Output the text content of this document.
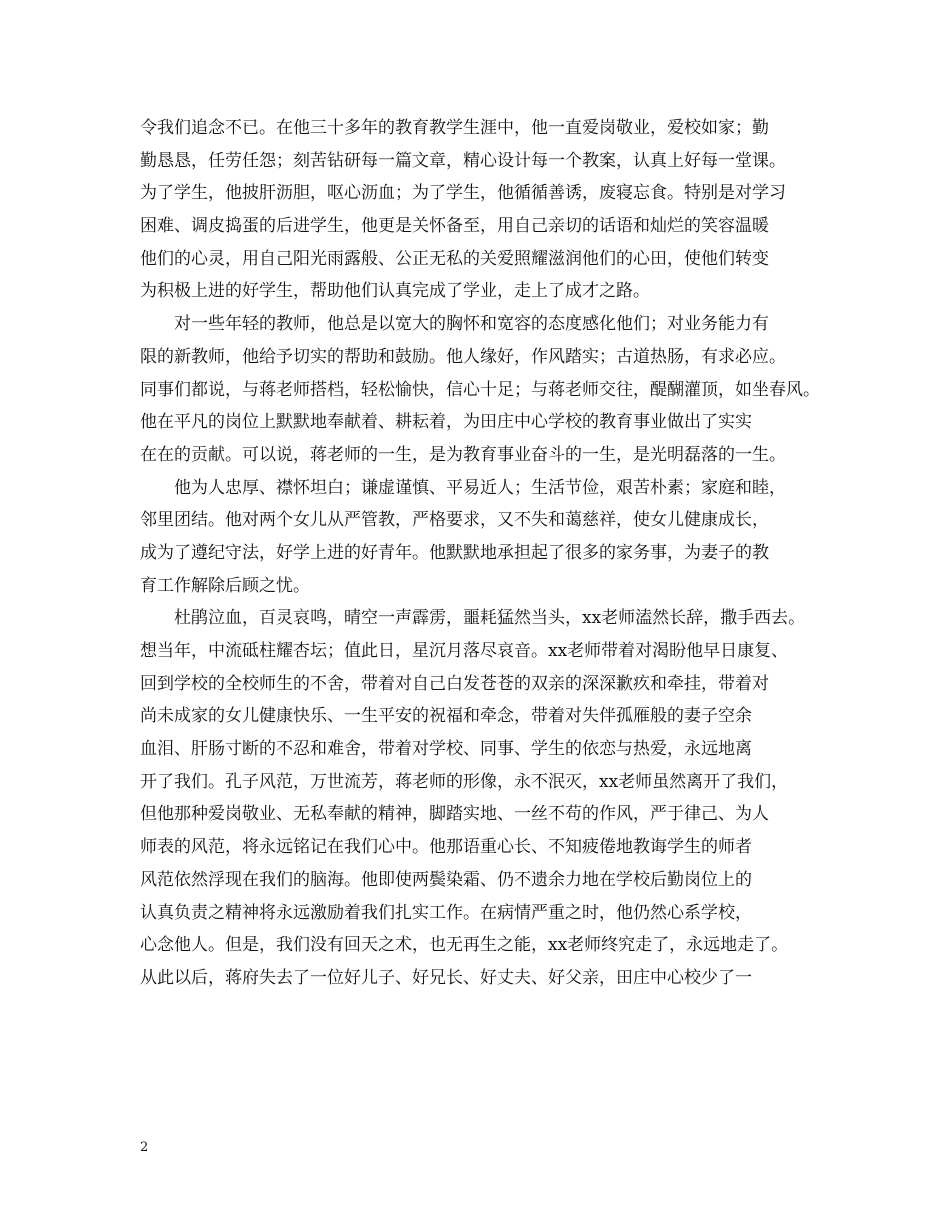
令我们追念不已。在他三十多年的教育教学生涯中，他一直爱岗敬业，爱校如家；勤
勤恳恳，任劳任怨；刻苦钻研每一篇文章，精心设计每一个教案，认真上好每一堂课。
为了学生，他披肝沥胆，呕心沥血；为了学生，他循循善诱，废寝忘食。特别是对学习
困难、调皮捣蛋的后进学生，他更是关怀备至，用自己亲切的话语和灿烂的笑容温暖
他们的心灵，用自己阳光雨露般、公正无私的关爱照耀滋润他们的心田，使他们转变
为积极上进的好学生，帮助他们认真完成了学业，走上了成才之路。
对一些年轻的教师，他总是以宽大的胸怀和宽容的态度感化他们；对业务能力有
限的新教师，他给予切实的帮助和鼓励。他人缘好，作风踏实；古道热肠，有求必应。
同事们都说，与蒋老师搭档，轻松愉快，信心十足；与蒋老师交往，醍醐灌顶，如坐春风。
他在平凡的岗位上默默地奉献着、耕耘着，为田庄中心学校的教育事业做出了实实
在在的贡献。可以说，蒋老师的一生，是为教育事业奋斗的一生，是光明磊落的一生。
他为人忠厚、襟怀坦白；谦虚谨慎、平易近人；生活节俭，艰苦朴素；家庭和睦，
邻里团结。他对两个女儿从严管教，严格要求，又不失和蔼慈祥，使女儿健康成长，
成为了遵纪守法，好学上进的好青年。他默默地承担起了很多的家务事，为妻子的教
育工作解除后顾之忧。
杜鹃泣血，百灵哀鸣，晴空一声霹雳，噩耗猛然当头，xx老师溘然长辞，撒手西去。
想当年，中流砥柱耀杏坛；值此日，星沉月落尽哀音。xx老师带着对渴盼他早日康复、
回到学校的全校师生的不舍，带着对自己白发苍苍的双亲的深深歉疚和牵挂，带着对
尚未成家的女儿健康快乐、一生平安的祝福和牵念，带着对失伴孤雁般的妻子空余
血泪、肝肠寸断的不忍和难舍，带着对学校、同事、学生的依恋与热爱，永远地离
开了我们。孔子风范，万世流芳，蒋老师的形像，永不泯灭，xx老师虽然离开了我们，
但他那种爱岗敬业、无私奉献的精神，脚踏实地、一丝不苟的作风，严于律己、为人
师表的风范，将永远铭记在我们心中。他那语重心长、不知疲倦地教诲学生的师者
风范依然浮现在我们的脑海。他即使两鬓染霜、仍不遗余力地在学校后勤岗位上的
认真负责之精神将永远激励着我们扎实工作。在病情严重之时，他仍然心系学校，
心念他人。但是，我们没有回天之术，也无再生之能，xx老师终究走了，永远地走了。
从此以后，蒋府失去了一位好儿子、好兄长、好丈夫、好父亲，田庄中心校少了一
2
